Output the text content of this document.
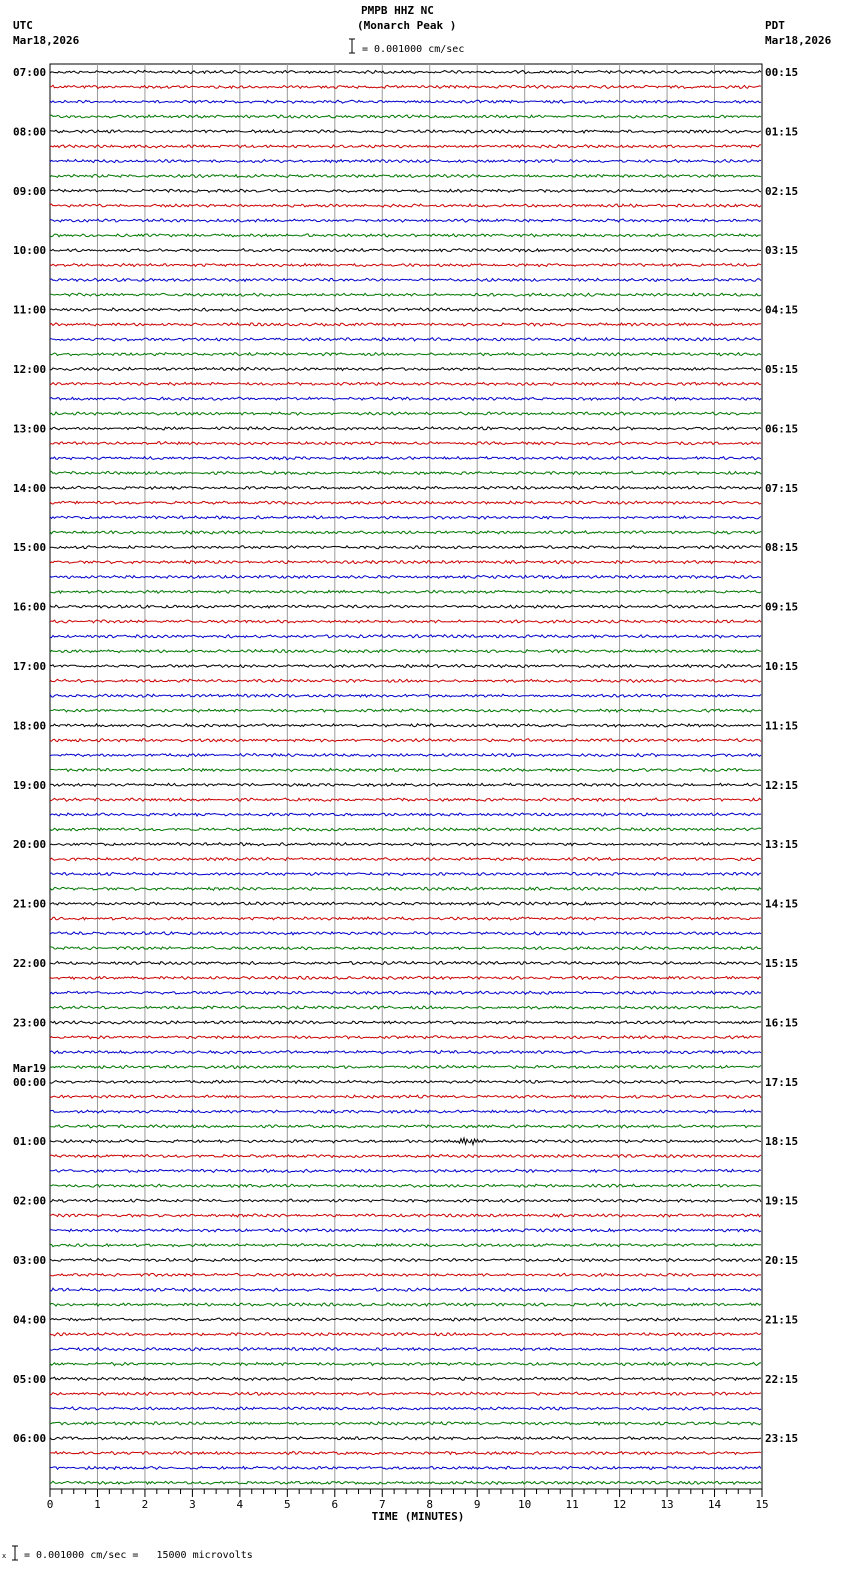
PMPB HHZ NC
(Monarch Peak )
UTC
Mar18,2026
PDT
Mar18,2026
= 0.001000 cm/sec
= 0.001000 cm/sec =   15000 microvolts
x
07:00
08:00
09:00
10:00
11:00
12:00
13:00
14:00
15:00
16:00
17:00
18:00
19:00
20:00
21:00
22:00
23:00
00:00
Mar19
01:00
02:00
03:00
04:00
05:00
06:00
00:15
01:15
02:15
03:15
04:15
05:15
06:15
07:15
08:15
09:15
10:15
11:15
12:15
13:15
14:15
15:15
16:15
17:15
18:15
19:15
20:15
21:15
22:15
23:15
0	1	2	3	4	5	6	7	8	9	10	11	12	13	14	15
TIME (MINUTES)
